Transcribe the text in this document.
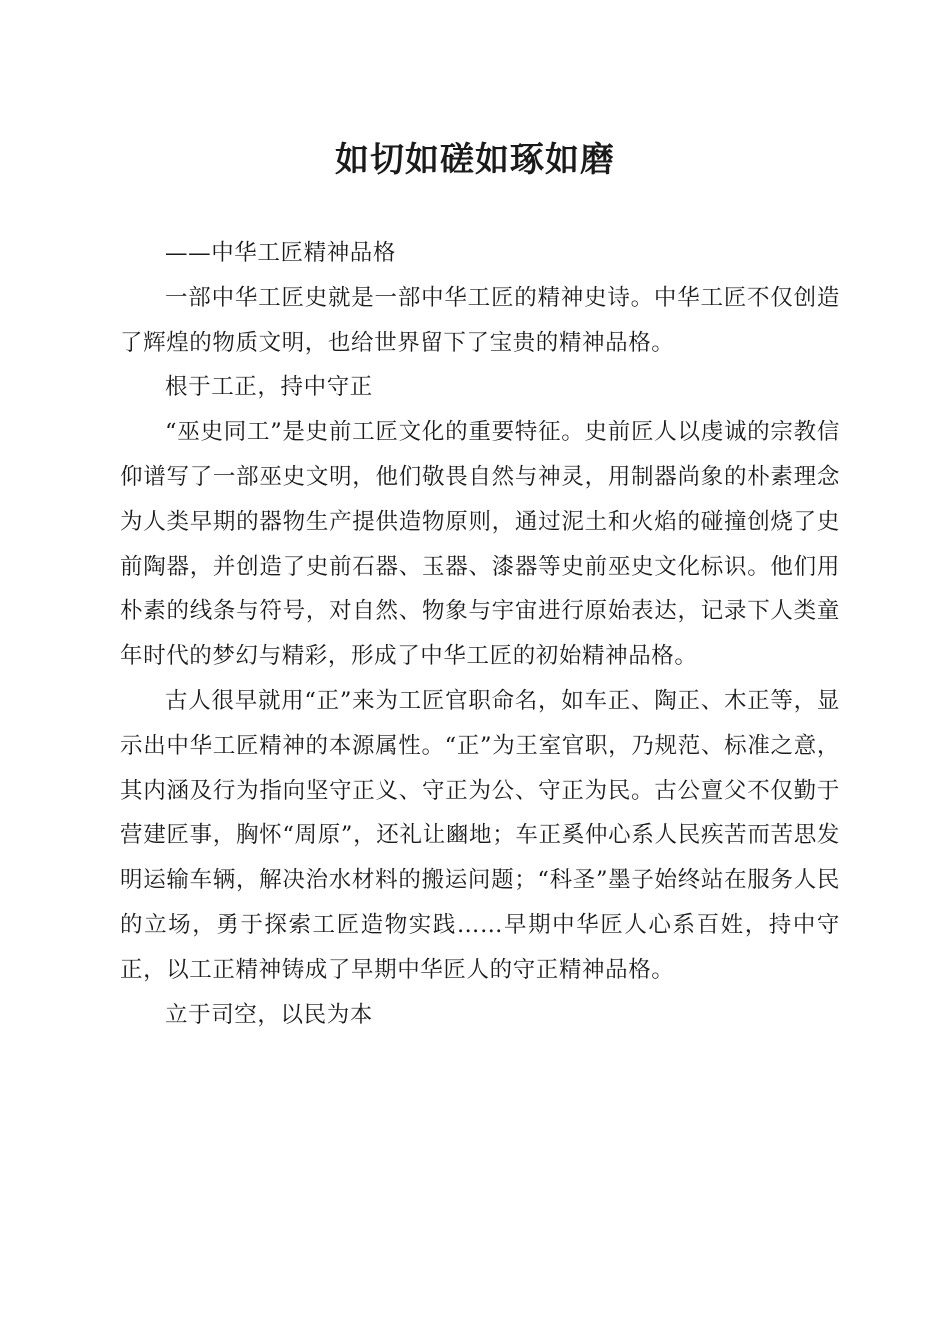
如切如磋如琢如磨

——中华工匠精神品格

一部中华工匠史就是一部中华工匠的精神史诗。中华工匠不仅创造了辉煌的物质文明，也给世界留下了宝贵的精神品格。

根于工正，持中守正

“巫史同工”是史前工匠文化的重要特征。史前匠人以虔诚的宗教信仰谱写了一部巫史文明，他们敬畏自然与神灵，用制器尚象的朴素理念为人类早期的器物生产提供造物原则，通过泥土和火焰的碰撞创烧了史前陶器，并创造了史前石器、玉器、漆器等史前巫史文化标识。他们用朴素的线条与符号，对自然、物象与宇宙进行原始表达，记录下人类童年时代的梦幻与精彩，形成了中华工匠的初始精神品格。

古人很早就用“正”来为工匠官职命名，如车正、陶正、木正等，显示出中华工匠精神的本源属性。“正”为王室官职，乃规范、标准之意，其内涵及行为指向坚守正义、守正为公、守正为民。古公亶父不仅勤于营建匠事，胸怀“周原”，还礼让豳地；车正奚仲心系人民疾苦而苦思发明运输车辆，解决治水材料的搬运问题；“科圣”墨子始终站在服务人民的立场，勇于探索工匠造物实践……早期中华匠人心系百姓，持中守正，以工正精神铸成了早期中华匠人的守正精神品格。

立于司空，以民为本
